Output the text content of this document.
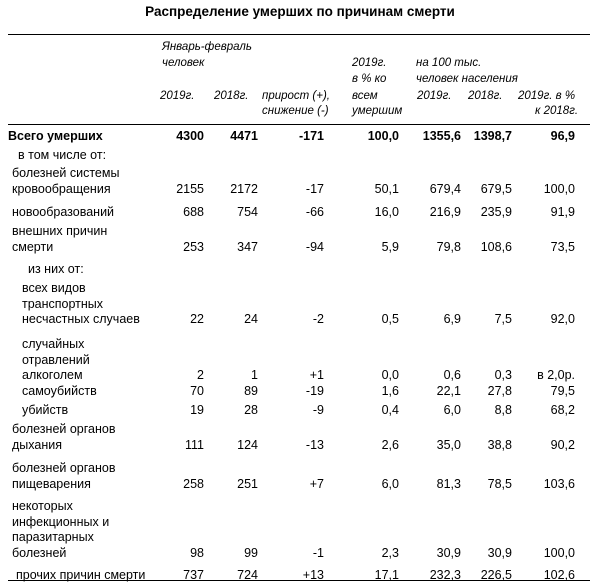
Распределение умерших по причинам смерти
Январь-февраль
человек
2019г. 2018г. прирост (+),
снижение (-)
2019г.
в % ко
всем
умершим
на 100 тыс.
человек населения
2019г. 2018г. 2019г. в %
к 2018г.
Всего умерших	4300 4471	-171	100,0 1355,6 1398,7	96,9
в том числе от:
болезней системы
кровообращения	2155 2172	-17	50,1 679,4 679,5	100,0
новообразований	688	754	-66	16,0 216,9 235,9	91,9
внешних причин
смерти	253	347	-94	5,9	79,8 108,6	73,5
из них от:
всех видов
транспортных
несчастных случаев	22	24	-2	0,5	6,9	7,5	92,0
случайных
отравлений
алкоголем	2	1	+1	0,0	0,6	0,3 в 2,0р.
самоубийств	70	89	-19	1,6	22,1 27,8	79,5
убийств	19	28	-9	0,4	6,0	8,8	68,2
болезней органов
дыхания	111	124	-13	2,6	35,0 38,8	90,2
болезней органов
пищеварения	258	251	+7	6,0	81,3 78,5	103,6
некоторых
инфекционных и
паразитарных
болезней	98	99	-1	2,3	30,9 30,9	100,0
прочих причин смерти	737	724	+13	17,1 232,3 226,5	102,6
